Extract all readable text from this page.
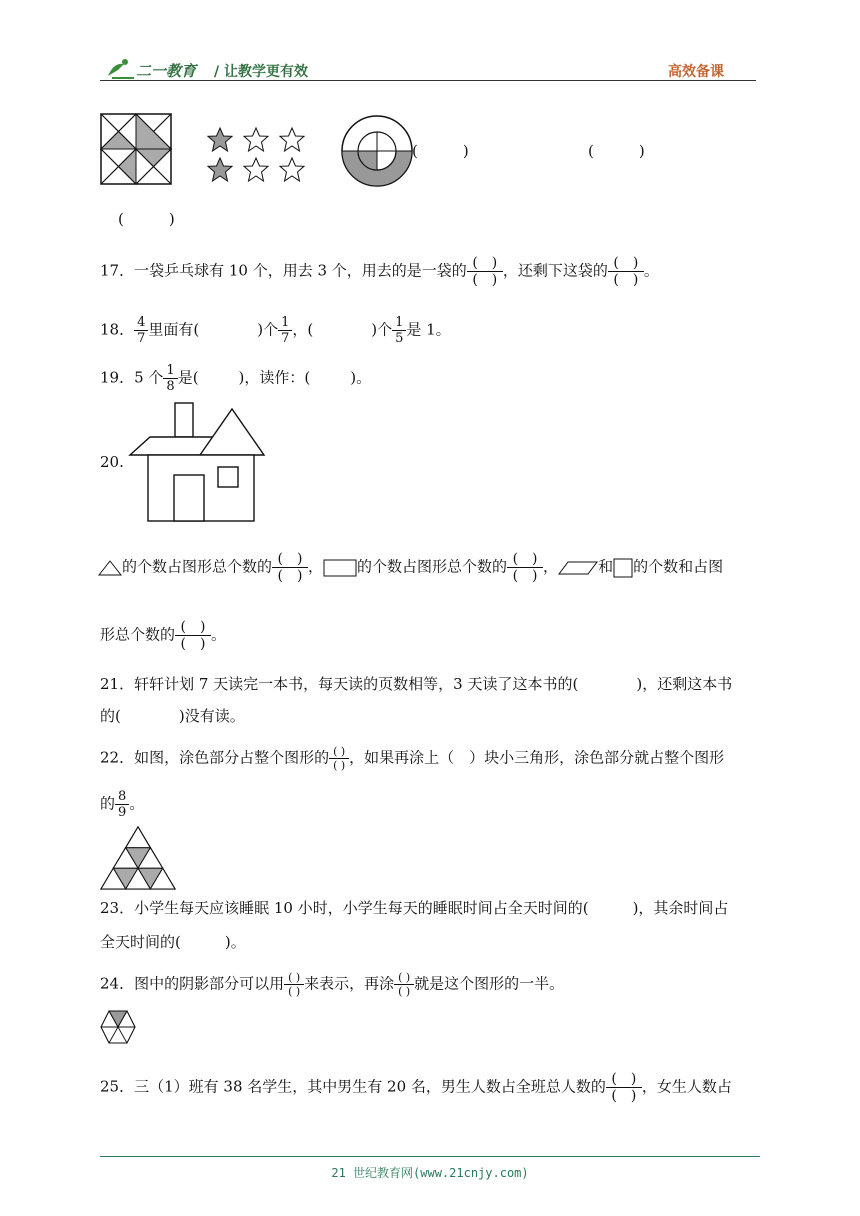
二一教育 / 让教学更有效	高效备课
(　　　)	(　　　)
(　　　)
17．一袋乒乓球有 10 个，用去 3 个，用去的是一袋的 $\frac{( )}{( )}$ ，还剩下这袋的 $\frac{( )}{( )}$ 。
18． $\frac{4}{7}$ 里面有(	)个 $\frac{1}{7}$ ，(	)个 $\frac{1}{5}$ 是 1。
19．5 个 $\frac{1}{8}$ 是(	)，读作：(	)。
20.
的个数占图形总个数的 $\frac{( )}{( )}$ ， 的个数占图形总个数的 $\frac{( )}{( )}$ ，	和 的个数和占图
形总个数的 $\frac{( )}{( )}$ 。
21．轩轩计划 7 天读完一本书，每天读的页数相等，3 天读了这本书的(	)，还剩这本书
的(	)没有读。
22．如图，涂色部分占整个图形的 $\frac{( )}{( )}$ ，如果再涂上（　）块小三角形，涂色部分就占整个图形
的 $\frac{8}{9}$ 。
23．小学生每天应该睡眠 10 小时，小学生每天的睡眠时间占全天时间的(	)，其余时间占
全天时间的(	)。
24．图中的阴影部分可以用 $\frac{( )}{( )}$ 来表示，再涂 $\frac{( )}{( )}$ 就是这个图形的一半。
25．三（1）班有 38 名学生，其中男生有 20 名，男生人数占全班总人数的 $\frac{( )}{( )}$ ，女生人数占
21 世纪教育网(www.21cnjy.com)
